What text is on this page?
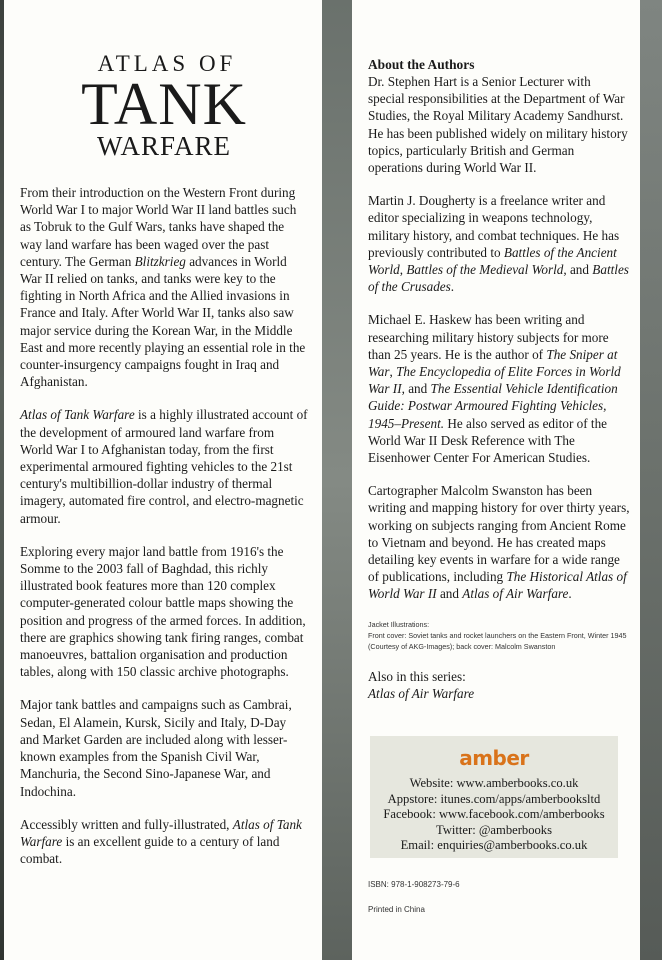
ATLAS OF
TANK
WARFARE

From their introduction on the Western Front during World War I to major World War II land battles such as Tobruk to the Gulf Wars, tanks have shaped the way land warfare has been waged over the past century. The German Blitzkrieg advances in World War II relied on tanks, and tanks were key to the fighting in North Africa and the Allied invasions in France and Italy. After World War II, tanks also saw major service during the Korean War, in the Middle East and more recently playing an essential role in the counter-insurgency campaigns fought in Iraq and Afghanistan.

Atlas of Tank Warfare is a highly illustrated account of the development of armoured land warfare from World War I to Afghanistan today, from the first experimental armoured fighting vehicles to the 21st century's multibillion-dollar industry of thermal imagery, automated fire control, and electro-magnetic armour.

Exploring every major land battle from 1916's the Somme to the 2003 fall of Baghdad, this richly illustrated book features more than 120 complex computer-generated colour battle maps showing the position and progress of the armed forces. In addition, there are graphics showing tank firing ranges, combat manoeuvres, battalion organisation and production tables, along with 150 classic archive photographs.

Major tank battles and campaigns such as Cambrai, Sedan, El Alamein, Kursk, Sicily and Italy, D-Day and Market Garden are included along with lesser-known examples from the Spanish Civil War, Manchuria, the Second Sino-Japanese War, and Indochina.

Accessibly written and fully-illustrated, Atlas of Tank Warfare is an excellent guide to a century of land combat.

About the Authors

Dr. Stephen Hart is a Senior Lecturer with special responsibilities at the Department of War Studies, the Royal Military Academy Sandhurst. He has been published widely on military history topics, particularly British and German operations during World War II.

Martin J. Dougherty is a freelance writer and editor specializing in weapons technology, military history, and combat techniques. He has previously contributed to Battles of the Ancient World, Battles of the Medieval World, and Battles of the Crusades.

Michael E. Haskew has been writing and researching military history subjects for more than 25 years. He is the author of The Sniper at War, The Encyclopedia of Elite Forces in World War II, and The Essential Vehicle Identification Guide: Postwar Armoured Fighting Vehicles, 1945–Present. He also served as editor of the World War II Desk Reference with The Eisenhower Center For American Studies.

Cartographer Malcolm Swanston has been writing and mapping history for over thirty years, working on subjects ranging from Ancient Rome to Vietnam and beyond. He has created maps detailing key events in warfare for a wide range of publications, including The Historical Atlas of World War II and Atlas of Air Warfare.

Jacket Illustrations:
Front cover: Soviet tanks and rocket launchers on the Eastern Front, Winter 1945
(Courtesy of AKG-Images); back cover: Malcolm Swanston
Also in this series:
Atlas of Air Warfare
amber
Website: www.amberbooks.co.uk
Appstore: itunes.com/apps/amberbooksltd
Facebook: www.facebook.com/amberbooks
Twitter: @amberbooks
Email: enquiries@amberbooks.co.uk
ISBN: 978-1-908273-79-6
Printed in China
